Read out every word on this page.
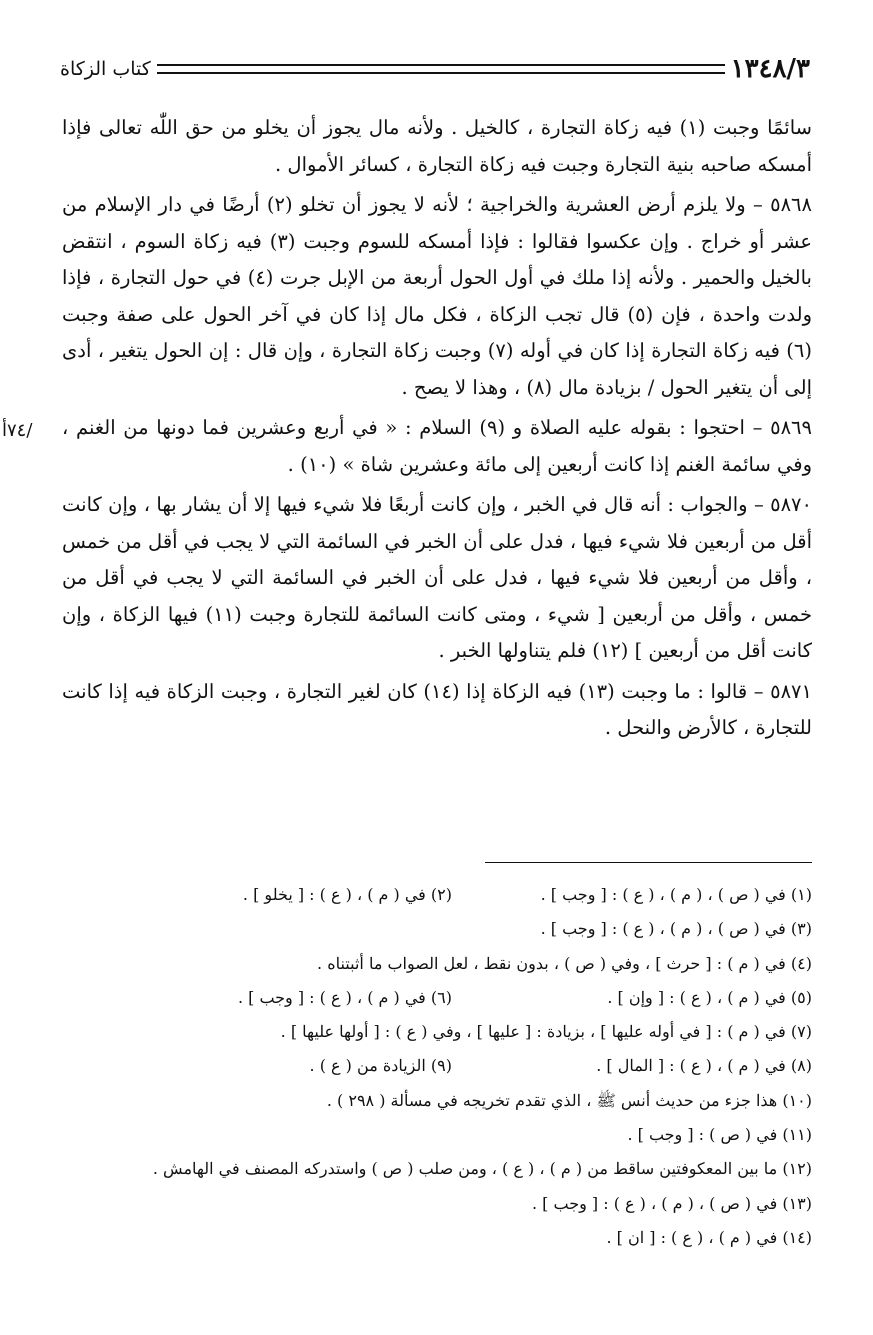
كتاب الزكاة	١٣٤٨/٣
/٧٤أ

سائمًا وجبت (١) فيه زكاة التجارة ، كالخيل . ولأنه مال يجوز أن يخلو من حق اللّٰه تعالى فإذا أمسكه صاحبه بنية التجارة وجبت فيه زكاة التجارة ، كسائر الأموال .

٥٨٦٨ – ولا يلزم أرض العشرية والخراجية ؛ لأنه لا يجوز أن تخلو (٢) أرضًا في دار الإسلام من عشر أو خراج . وإن عكسوا فقالوا : فإذا أمسكه للسوم وجبت (٣) فيه زكاة السوم ، انتقض بالخيل والحمير . ولأنه إذا ملك في أول الحول أربعة من الإبل جرت (٤) في حول التجارة ، فإذا ولدت واحدة ، فإن (٥) قال تجب الزكاة ، فكل مال إذا كان في آخر الحول على صفة وجبت (٦) فيه زكاة التجارة إذا كان في أوله (٧) وجبت زكاة التجارة ، وإن قال : إن الحول يتغير ، أدى إلى أن يتغير الحول / بزيادة مال (٨) ، وهذا لا يصح .

٥٨٦٩ – احتجوا : بقوله عليه الصلاة و (٩) السلام : « في أربع وعشرين فما دونها من الغنم ، وفي سائمة الغنم إذا كانت أربعين إلى مائة وعشرين شاة » (١٠) .

٥٨٧٠ – والجواب : أنه قال في الخبر ، وإن كانت أربعًا فلا شيء فيها إلا أن يشار بها ، وإن كانت أقل من أربعين فلا شيء فيها ، فدل على أن الخبر في السائمة التي لا يجب في أقل من خمس ، وأقل من أربعين فلا شيء فيها ، فدل على أن الخبر في السائمة التي لا يجب في أقل من خمس ، وأقل من أربعين [ شيء ، ومتى كانت السائمة للتجارة وجبت (١١) فيها الزكاة ، وإن كانت أقل من أربعين ] (١٢) فلم يتناولها الخبر .

٥٨٧١ – قالوا : ما وجبت (١٣) فيه الزكاة إذا (١٤) كان لغير التجارة ، وجبت الزكاة فيه إذا كانت للتجارة ، كالأرض والنحل .

(١) في ( ص ) ، ( م ) ، ( ع ) : [ وجب ] .
(٢) في ( م ) ، ( ع ) : [ يخلو ] .
(٣) في ( ص ) ، ( م ) ، ( ع ) : [ وجب ] .
(٤) في ( م ) : [ حرث ] ، وفي ( ص ) ، بدون نقط ، لعل الصواب ما أثبتناه .
(٥) في ( م ) ، ( ع ) : [ وإن ] .
(٦) في ( م ) ، ( ع ) : [ وجب ] .
(٧) في ( م ) : [ في أوله عليها ] ، بزيادة : [ عليها ] ، وفي ( ع ) : [ أولها عليها ] .
(٨) في ( م ) ، ( ع ) : [ المال ] .
(٩) الزيادة من ( ع ) .
(١٠) هذا جزء من حديث أنس ﷺ ، الذي تقدم تخريجه في مسألة ( ٢٩٨ ) .
(١١) في ( ص ) : [ وجب ] .
(١٢) ما بين المعكوفتين ساقط من ( م ) ، ( ع ) ، ومن صلب ( ص ) واستدركه المصنف في الهامش .
(١٣) في ( ص ) ، ( م ) ، ( ع ) : [ وجب ] .
(١٤) في ( م ) ، ( ع ) : [ ان ] .
